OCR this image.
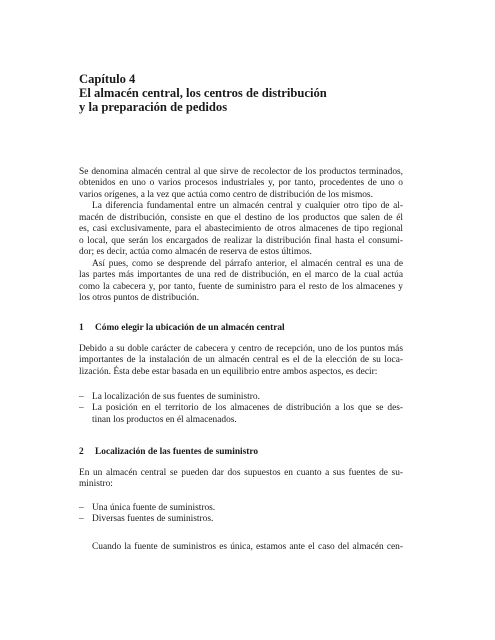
Capítulo 4
El almacén central, los centros de distribución
y la preparación de pedidos
Se denomina almacén central al que sirve de recolector de los productos terminados,
obtenidos en uno o varios procesos industriales y, por tanto, procedentes de uno o
varios orígenes, a la vez que actúa como centro de distribución de los mismos.
La diferencia fundamental entre un almacén central y cualquier otro tipo de al-
macén de distribución, consiste en que el destino de los productos que salen de él
es, casi exclusivamente, para el abastecimiento de otros almacenes de tipo regional
o local, que serán los encargados de realizar la distribución final hasta el consumi-
dor; es decir, actúa como almacén de reserva de estos últimos.
Así pues, como se desprende del párrafo anterior, el almacén central es una de
las partes más importantes de una red de distribución, en el marco de la cual actúa
como la cabecera y, por tanto, fuente de suministro para el resto de los almacenes y
los otros puntos de distribución.
1 Cómo elegir la ubicación de un almacén central
Debido a su doble carácter de cabecera y centro de recepción, uno de los puntos más
importantes de la instalación de un almacén central es el de la elección de su loca-
lización. Ésta debe estar basada en un equilibrio entre ambos aspectos, es decir:
– La localización de sus fuentes de suministro.
– La posición en el territorio de los almacenes de distribución a los que se des-
tinan los productos en él almacenados.
2 Localización de las fuentes de suministro
En un almacén central se pueden dar dos supuestos en cuanto a sus fuentes de su-
ministro:
– Una única fuente de suministros.
– Diversas fuentes de suministros.
Cuando la fuente de suministros es única, estamos ante el caso del almacén cen-
